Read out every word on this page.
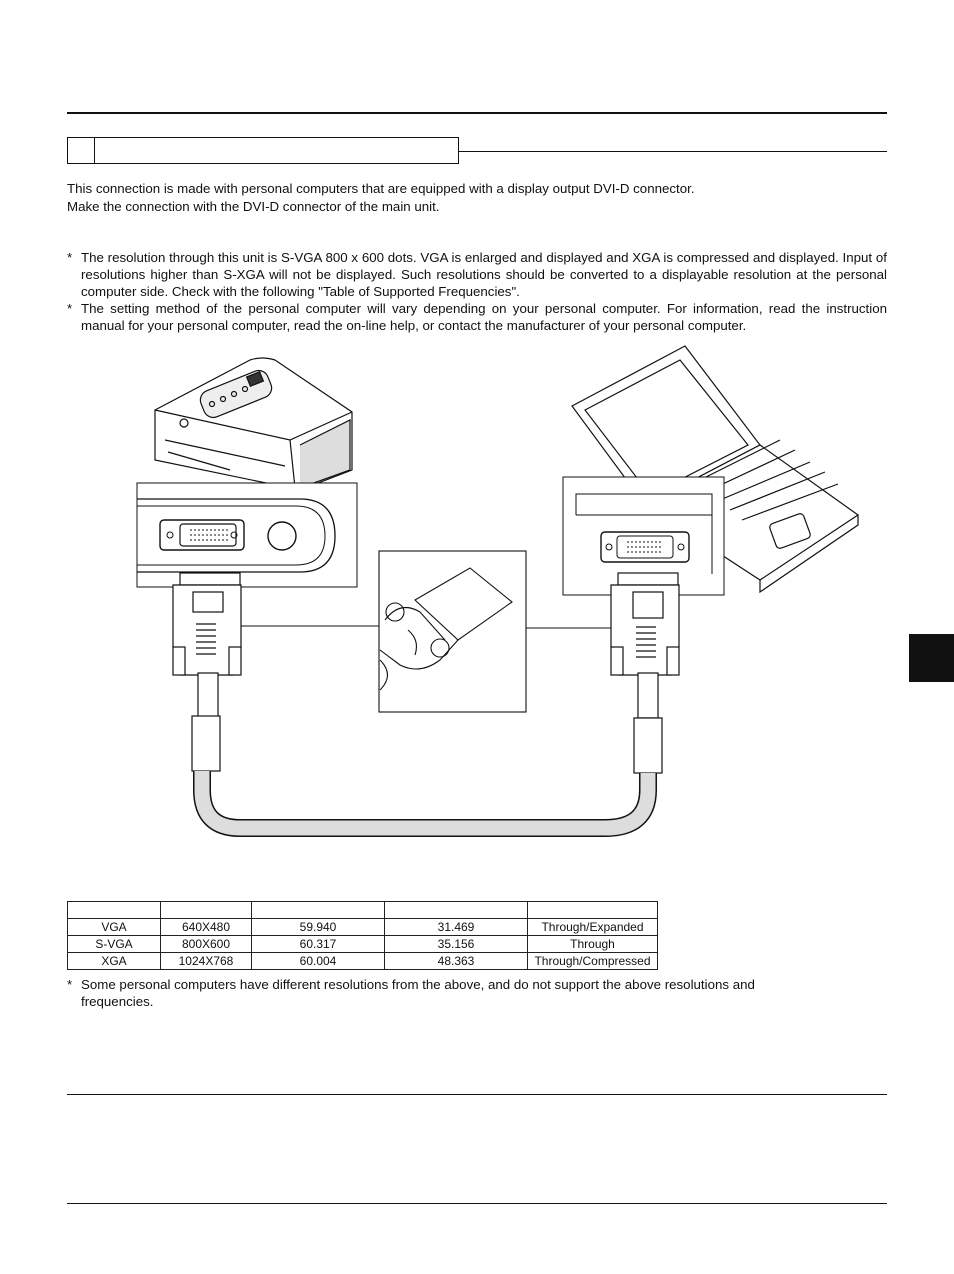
This connection is made with personal computers that are equipped with a display output DVI-D connector.

Make the connection with the DVI-D connector of the main unit.

* The resolution through this unit is S-VGA 800 x 600 dots. VGA is enlarged and displayed and XGA is compressed and displayed. Input of resolutions higher than S-XGA will not be displayed. Such resolutions should be converted to a displayable resolution at the personal computer side. Check with the following "Table of Supported Frequencies".
* The setting method of the personal computer will vary depending on your personal computer. For information, read the instruction manual for your personal computer, read the on-line help, or contact the manufacturer of your personal computer.

VGA	640X480	59.940	31.469	Through/Expanded
S-VGA	800X600	60.317	35.156	Through
XGA	1024X768	60.004	48.363	Through/Compressed
* Some personal computers have different resolutions from the above, and do not support the above resolutions and frequencies.
